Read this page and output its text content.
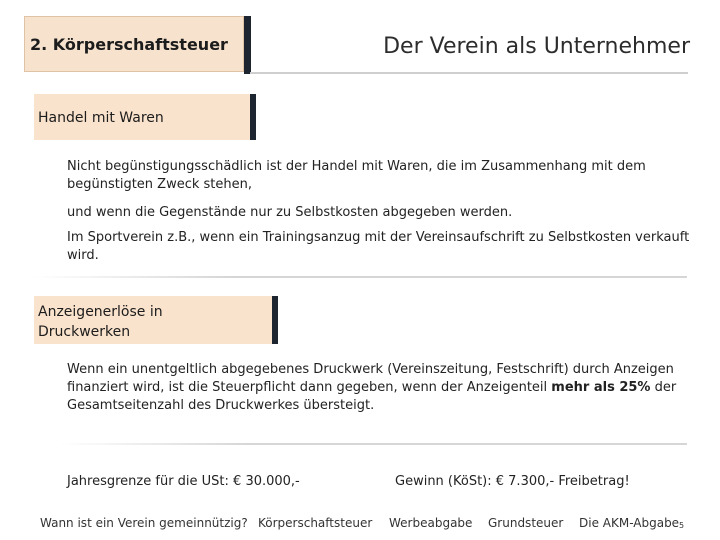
2. Körperschaftsteuer	Der Verein als Unternehmer
Handel mit Waren
Nicht begünstigungsschädlich ist der Handel mit Waren, die im Zusammenhang mit dem begünstigten Zweck stehen,
und wenn die Gegenstände nur zu Selbstkosten abgegeben werden.
Im Sportverein z.B., wenn ein Trainingsanzug mit der Vereinsaufschrift zu Selbstkosten verkauft wird.
Anzeigenerlöse in Druckwerken
Wenn ein unentgeltlich abgegebenes Druckwerk (Vereinszeitung, Festschrift) durch Anzeigen finanziert wird, ist die Steuerpflicht dann gegeben, wenn der Anzeigenteil mehr als 25% der Gesamtseitenzahl des Druckwerkes übersteigt.
Jahresgrenze für die USt: € 30.000,-	Gewinn (KöSt): € 7.300,- Freibetrag!
Wann ist ein Verein gemeinnützig? Körperschaftsteuer Werbeabgabe Grundsteuer Die AKM-Abgabe 5
